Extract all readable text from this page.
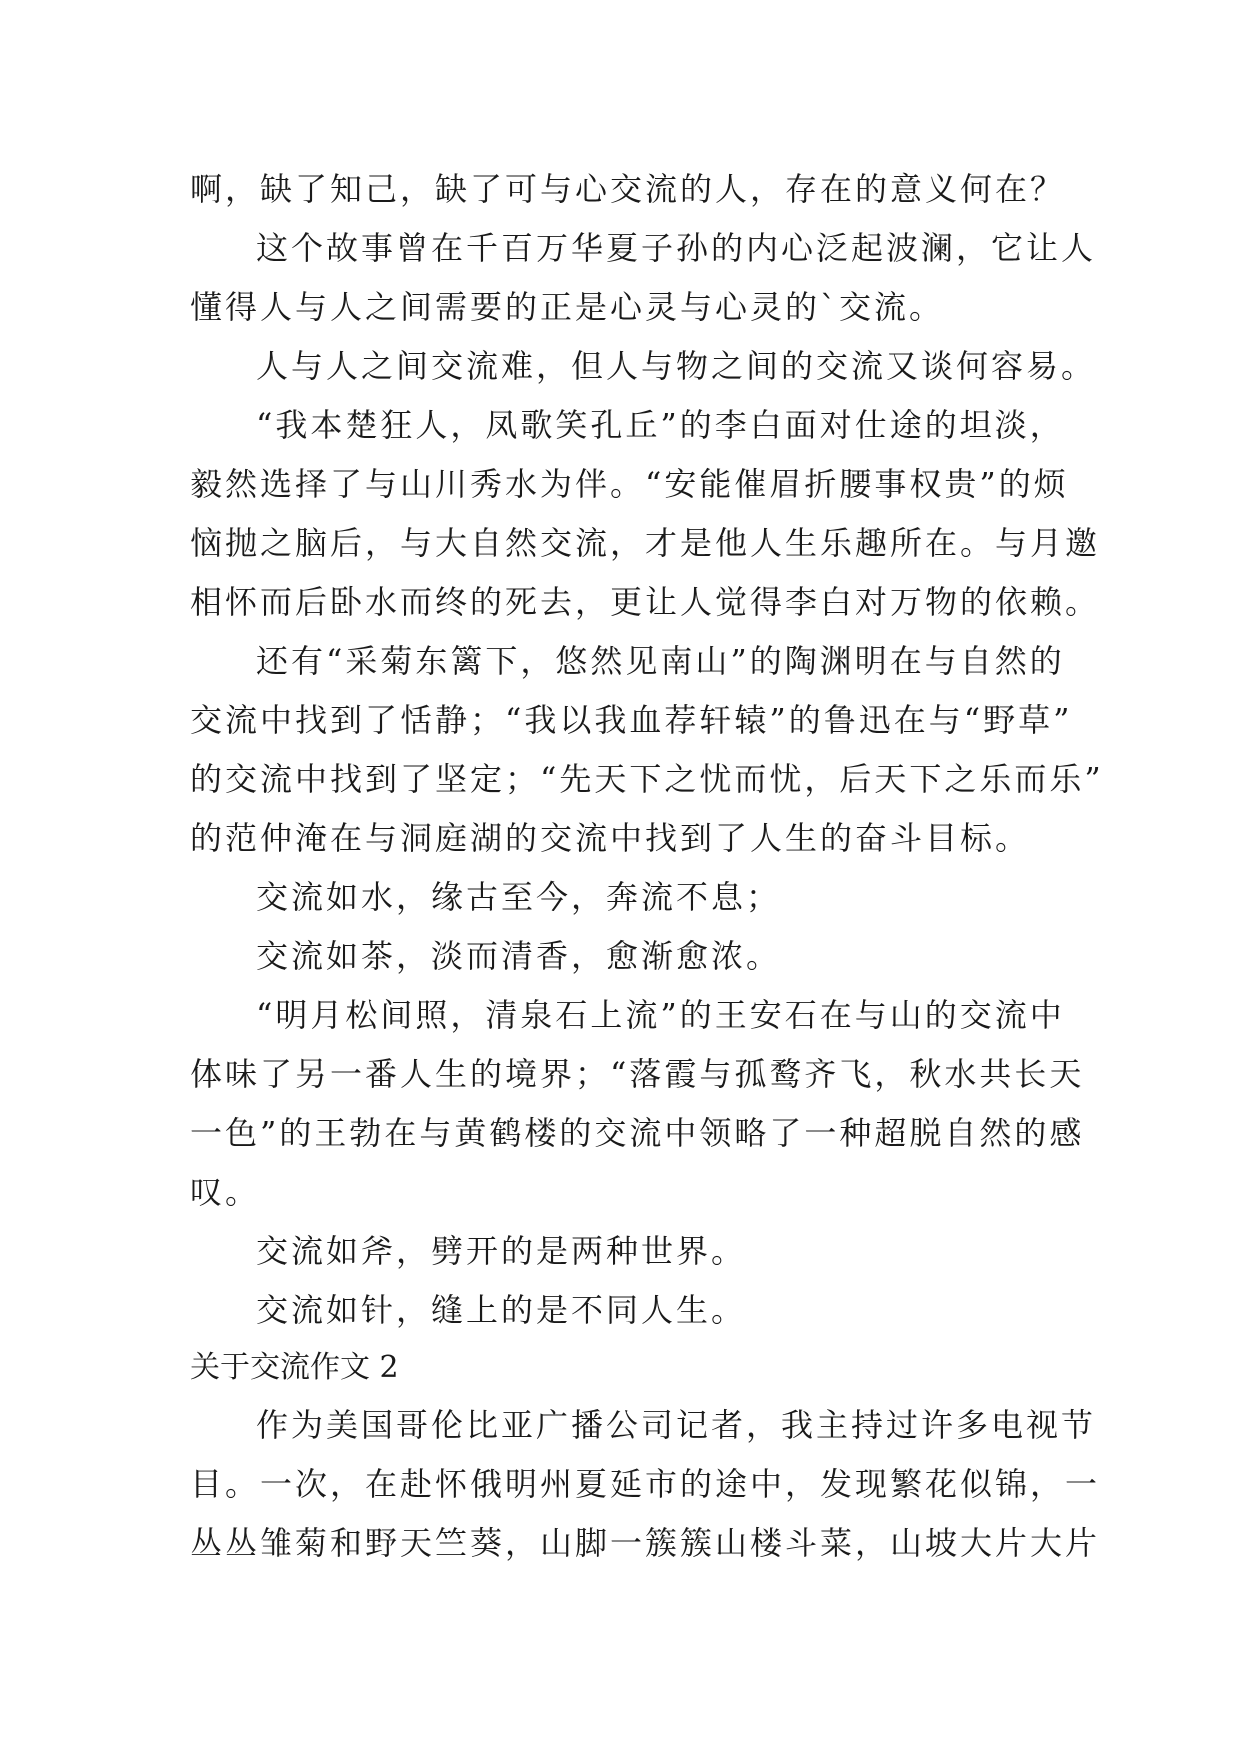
啊，缺了知己，缺了可与心交流的人，存在的意义何在？
这个故事曾在千百万华夏子孙的内心泛起波澜，它让人
懂得人与人之间需要的正是心灵与心灵的`交流。
人与人之间交流难，但人与物之间的交流又谈何容易。
“我本楚狂人，凤歌笑孔丘”的李白面对仕途的坦淡，
毅然选择了与山川秀水为伴。“安能催眉折腰事权贵”的烦
恼抛之脑后，与大自然交流，才是他人生乐趣所在。与月邀
相怀而后卧水而终的死去，更让人觉得李白对万物的依赖。
还有“采菊东篱下，悠然见南山”的陶渊明在与自然的
交流中找到了恬静；“我以我血荐轩辕”的鲁迅在与“野草”
的交流中找到了坚定；“先天下之忧而忧，后天下之乐而乐”
的范仲淹在与洞庭湖的交流中找到了人生的奋斗目标。
交流如水，缘古至今，奔流不息；
交流如茶，淡而清香，愈渐愈浓。
“明月松间照，清泉石上流”的王安石在与山的交流中
体味了另一番人生的境界；“落霞与孤鹜齐飞，秋水共长天
一色”的王勃在与黄鹤楼的交流中领略了一种超脱自然的感
叹。
交流如斧，劈开的是两种世界。
交流如针，缝上的是不同人生。
关于交流作文 2
作为美国哥伦比亚广播公司记者，我主持过许多电视节
目。一次，在赴怀俄明州夏延市的途中，发现繁花似锦，一
丛丛雏菊和野天竺葵，山脚一簇簇山楼斗菜，山坡大片大片
